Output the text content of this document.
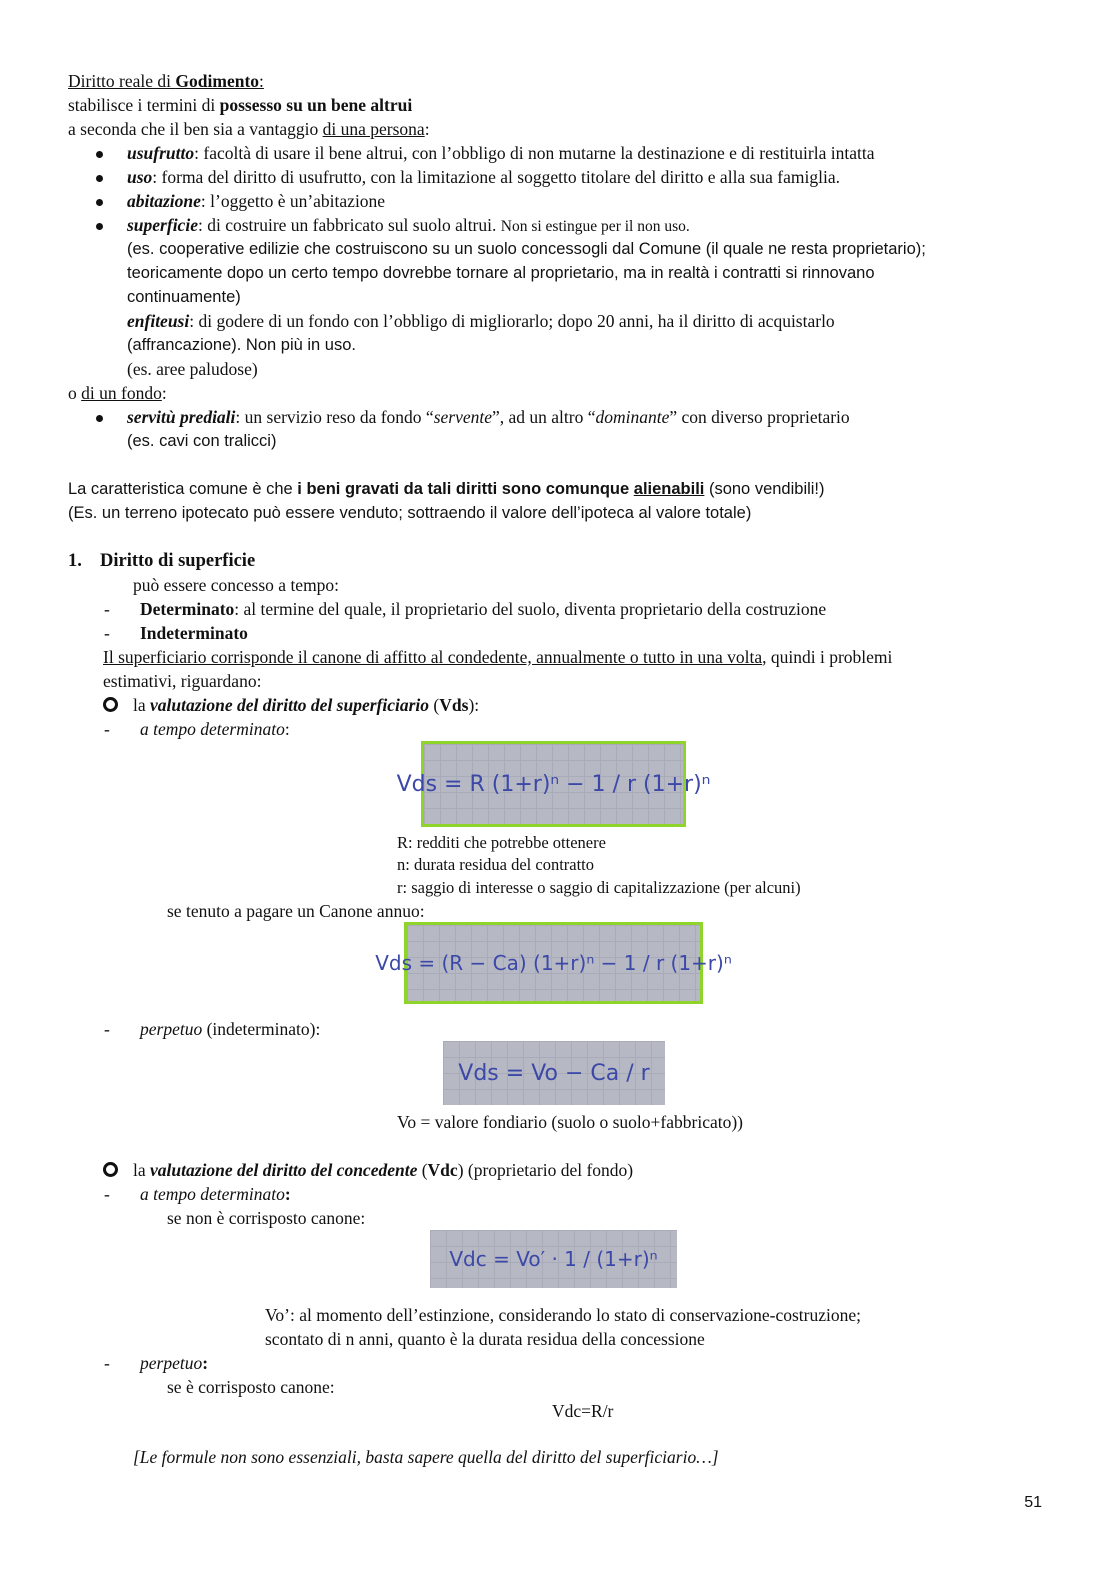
Diritto reale di Godimento:
stabilisce i termini di possesso su un bene altrui
a seconda che il ben sia a vantaggio di una persona:
usufrutto: facoltà di usare il bene altrui, con l’obbligo di non mutarne la destinazione e di restituirla intatta
uso: forma del diritto di usufrutto, con la limitazione al soggetto titolare del diritto e alla sua famiglia.
abitazione: l’oggetto è un’abitazione
superficie: di costruire un fabbricato sul suolo altrui. Non si estingue per il non uso.
(es. cooperative edilizie che costruiscono su un suolo concessogli dal Comune (il quale ne resta proprietario);
teoricamente dopo un certo tempo dovrebbe tornare al proprietario, ma in realtà i contratti si rinnovano
continuamente)
enfiteusi: di godere di un fondo con l’obbligo di migliorarlo; dopo 20 anni, ha il diritto di acquistarlo
(affrancazione). Non più in uso.
(es. aree paludose)
o di un fondo:
servitù prediali: un servizio reso da fondo “servente”, ad un altro “dominante” con diverso proprietario
(es. cavi con tralicci)
La caratteristica comune è che i beni gravati da tali diritti sono comunque alienabili (sono vendibili!)
(Es. un terreno ipotecato può essere venduto; sottraendo il valore dell’ipoteca al valore totale)
1. Diritto di superficie
può essere concesso a tempo:
- Determinato: al termine del quale, il proprietario del suolo, diventa proprietario della costruzione
- Indeterminato
Il superficiario corrisponde il canone di affitto al condedente, annualmente o tutto in una volta, quindi i problemi
estimativi, riguardano:
la valutazione del diritto del superficiario (Vds):
- a tempo determinato:
Vds = R (1+r)ⁿ − 1 / r (1+r)ⁿ
R: redditi che potrebbe ottenere
n: durata residua del contratto
r: saggio di interesse o saggio di capitalizzazione (per alcuni)
se tenuto a pagare un Canone annuo:
Vds = (R − Ca) (1+r)ⁿ − 1 / r (1+r)ⁿ
- perpetuo (indeterminato):
Vds = Vo − Ca / r
Vo = valore fondiario (suolo o suolo+fabbricato))
la valutazione del diritto del concedente (Vdc) (proprietario del fondo)
- a tempo determinato:
se non è corrisposto canone:
Vdc = Vo′ · 1 / (1+r)ⁿ
Vo’: al momento dell’estinzione, considerando lo stato di conservazione-costruzione;
scontato di n anni, quanto è la durata residua della concessione
- perpetuo:
se è corrisposto canone:
Vdc=R/r
[Le formule non sono essenziali, basta sapere quella del diritto del superficiario…]
51
